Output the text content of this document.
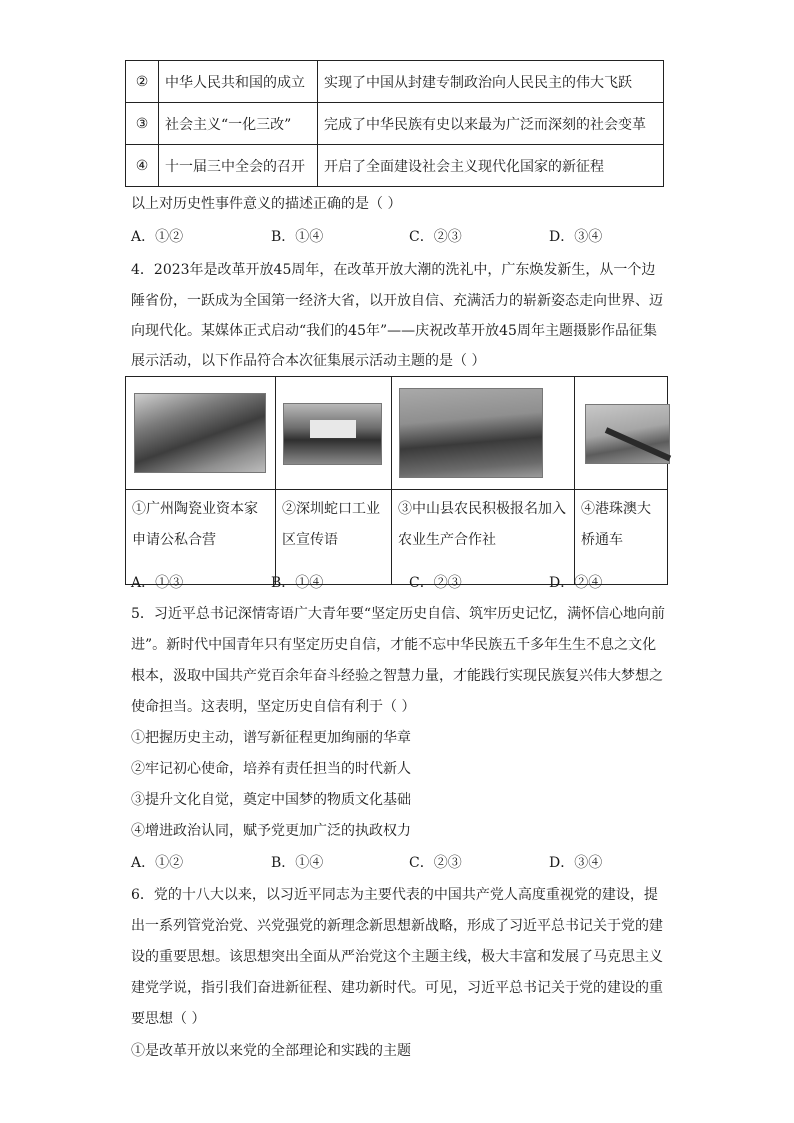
②	中华人民共和国的成立	实现了中国从封建专制政治向人民民主的伟大飞跃
③	社会主义“一化三改”	完成了中华民族有史以来最为广泛而深刻的社会变革
④	十一届三中全会的召开	开启了全面建设社会主义现代化国家的新征程
以上对历史性事件意义的描述正确的是（ ）
A．①②	B．①④	C．②③	D．③④
4．2023年是改革开放45周年，在改革开放大潮的洗礼中，广东焕发新生，从一个边
陲省份，一跃成为全国第一经济大省，以开放自信、充满活力的崭新姿态走向世界、迈
向现代化。某媒体正式启动“我们的45年”——庆祝改革开放45周年主题摄影作品征集
展示活动，以下作品符合本次征集展示活动主题的是（ ）

①广州陶瓷业资本家申请公私合营	②深圳蛇口工业区宣传语	③中山县农民积极报名加入农业生产合作社	④港珠澳大桥通车
A．①③	B．①④	C．②③	D．②④
5．习近平总书记深情寄语广大青年要“坚定历史自信、筑牢历史记忆，满怀信心地向前
进”。新时代中国青年只有坚定历史自信，才能不忘中华民族五千多年生生不息之文化
根本，汲取中国共产党百余年奋斗经验之智慧力量，才能践行实现民族复兴伟大梦想之
使命担当。这表明，坚定历史自信有利于（ ）
①把握历史主动，谱写新征程更加绚丽的华章
②牢记初心使命，培养有责任担当的时代新人
③提升文化自觉，奠定中国梦的物质文化基础
④增进政治认同，赋予党更加广泛的执政权力
A．①②	B．①④	C．②③	D．③④
6．党的十八大以来，以习近平同志为主要代表的中国共产党人高度重视党的建设，提
出一系列管党治党、兴党强党的新理念新思想新战略，形成了习近平总书记关于党的建
设的重要思想。该思想突出全面从严治党这个主题主线，极大丰富和发展了马克思主义
建党学说，指引我们奋进新征程、建功新时代。可见，习近平总书记关于党的建设的重
要思想（ ）
①是改革开放以来党的全部理论和实践的主题
